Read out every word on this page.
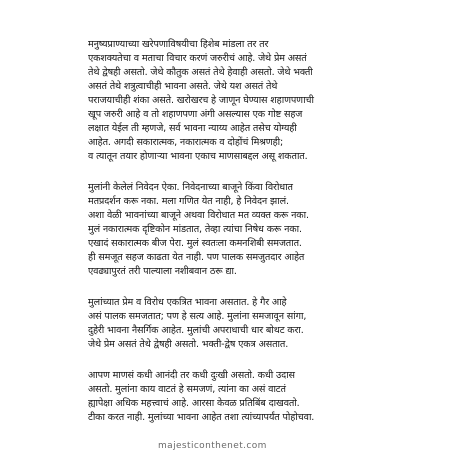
मनुष्यप्राण्याच्या खरेपणाविषयीचा हिशेब मांडला तर तर
एकशक्यतेचा व मताचा विचार करणं जरुरीचं आहे. जेथे प्रेम असतं
तेथे द्वेषही असतो. जेथे कौतुक असतं तेथे हेवाही असतो. जेथे भक्ती
असतं तेथे शत्रुत्वाचीही भावना असते. जेथे यश असतं तेथे
पराजयाचीही शंका असते. खरोखरच हे जाणून घेण्यास शहाणपणाची
खूप जरुरी आहे व तो शहाणपणा अंगी असल्यास एक गोष्ट सहज
लक्षात येईल ती म्हणजे, सर्व भावना न्याय्य आहेत तसेच योग्यही
आहेत. अगदी सकारात्मक, नकारात्मक व दोहोंचं मिश्रणही;
व त्यातून तयार होणाऱ्या भावना एकाच माणसाबद्दल असू शकतात.

मुलांनी केलेलं निवेदन ऐका. निवेदनाच्या बाजूने किंवा विरोधात
मतप्रदर्शन करू नका. मला गणित येत नाही, हे निवेदन झालं.
अशा वेळी भावनांच्या बाजूने अथवा विरोधात मत व्यक्त करू नका.
मुलं नकारात्मक दृष्टिकोन मांडतात, तेव्हा त्यांचा निषेध करू नका.
एखादं सकारात्मक बीज पेरा. मुलं स्वतःला कमनशिबी समजतात.
ही समजूत सहज काढता येत नाही. पण पालक समजुतदार आहेत
एवढ्यापुरतं तरी पाल्याला नशीबवान ठरू द्या.

मुलांच्यात प्रेम व विरोध एकत्रित भावना असतात. हे गैर आहे
असं पालक समजतात; पण हे सत्य आहे. मुलांना समजावून सांगा,
दुहेरी भावना नैसर्गिक आहेत. मुलांची अपराधाची धार बोथट करा.
जेथे प्रेम असतं तेथे द्वेषही असतो. भक्ती-द्वेष एकत्र असतात.

आपण माणसं कधी आनंदी तर कधी दुःखी असतो. कधी उदास
असतो. मुलांना काय वाटतं हे समजणं, त्यांना का असं वाटतं
ह्यापेक्षा अधिक महत्त्वाचं आहे. आरसा केवळ प्रतिबिंब दाखवतो.
टीका करत नाही. मुलांच्या भावना आहेत तशा त्यांच्यापर्यंत पोहोचवा.

majesticonthenet.com
